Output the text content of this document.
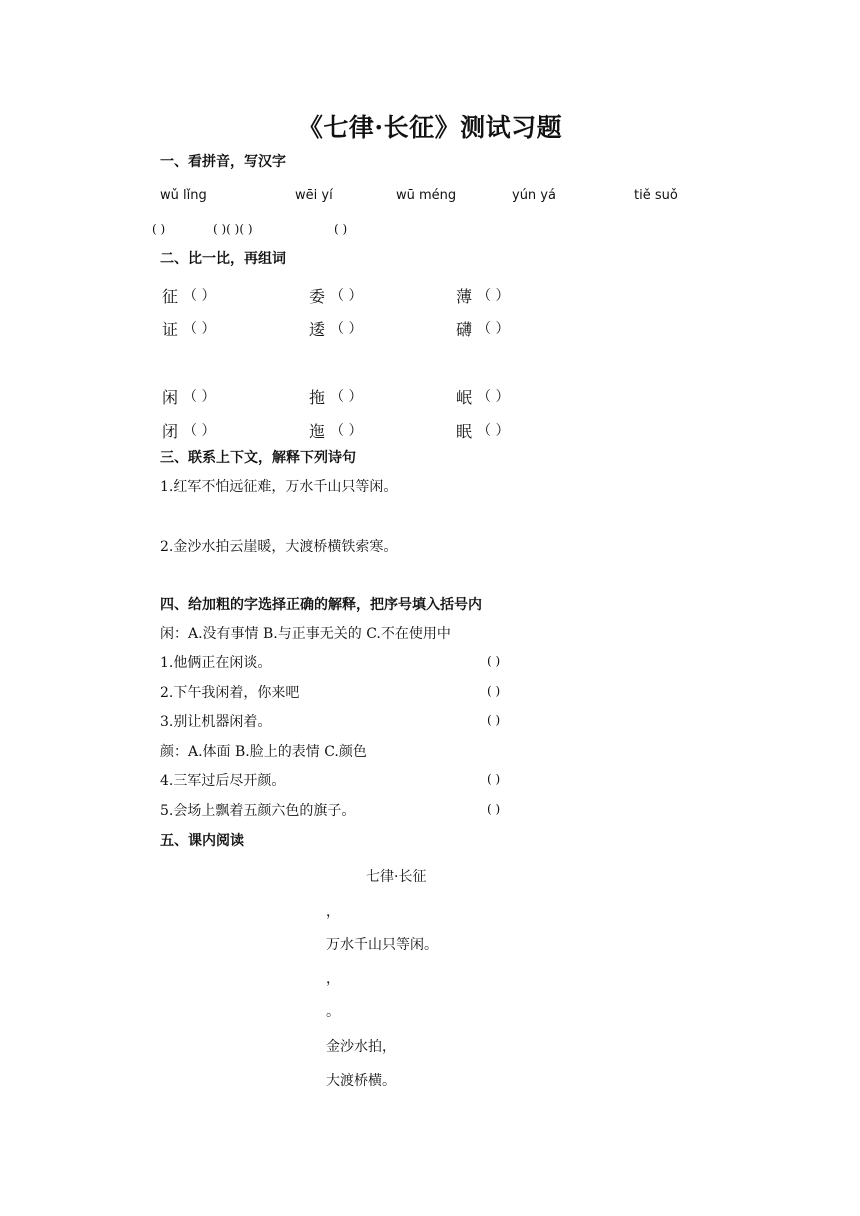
《七律·长征》测试习题
一、看拼音，写汉字
wǔ lǐng	wēi yí	wū méng	yún yá	tiě suǒ
( )	( )( )( )	( )
二、比一比，再组词
征 （ ）	委 （ ）	薄 （ ）
证 （ ）	逶 （ ）	礴 （ ）
闲 （ ）	拖 （ ）	岷 （ ）
闭 （ ）	迤 （ ）	眠 （ ）
三、联系上下文，解释下列诗句
1.红军不怕远征难，万水千山只等闲。
2.金沙水拍云崖暖，大渡桥横铁索寒。
四、给加粗的字选择正确的解释，把序号填入括号内
闲：A.没有事情 B.与正事无关的 C.不在使用中
1.他俩正在闲谈。	( )
2.下午我闲着，你来吧	( )
3.别让机器闲着。	( )
颜：A.体面 B.脸上的表情 C.颜色
4.三军过后尽开颜。	( )
5.会场上飘着五颜六色的旗子。	( )
五、课内阅读
七律·长征
，
万水千山只等闲。
，
。
金沙水拍，
大渡桥横。
